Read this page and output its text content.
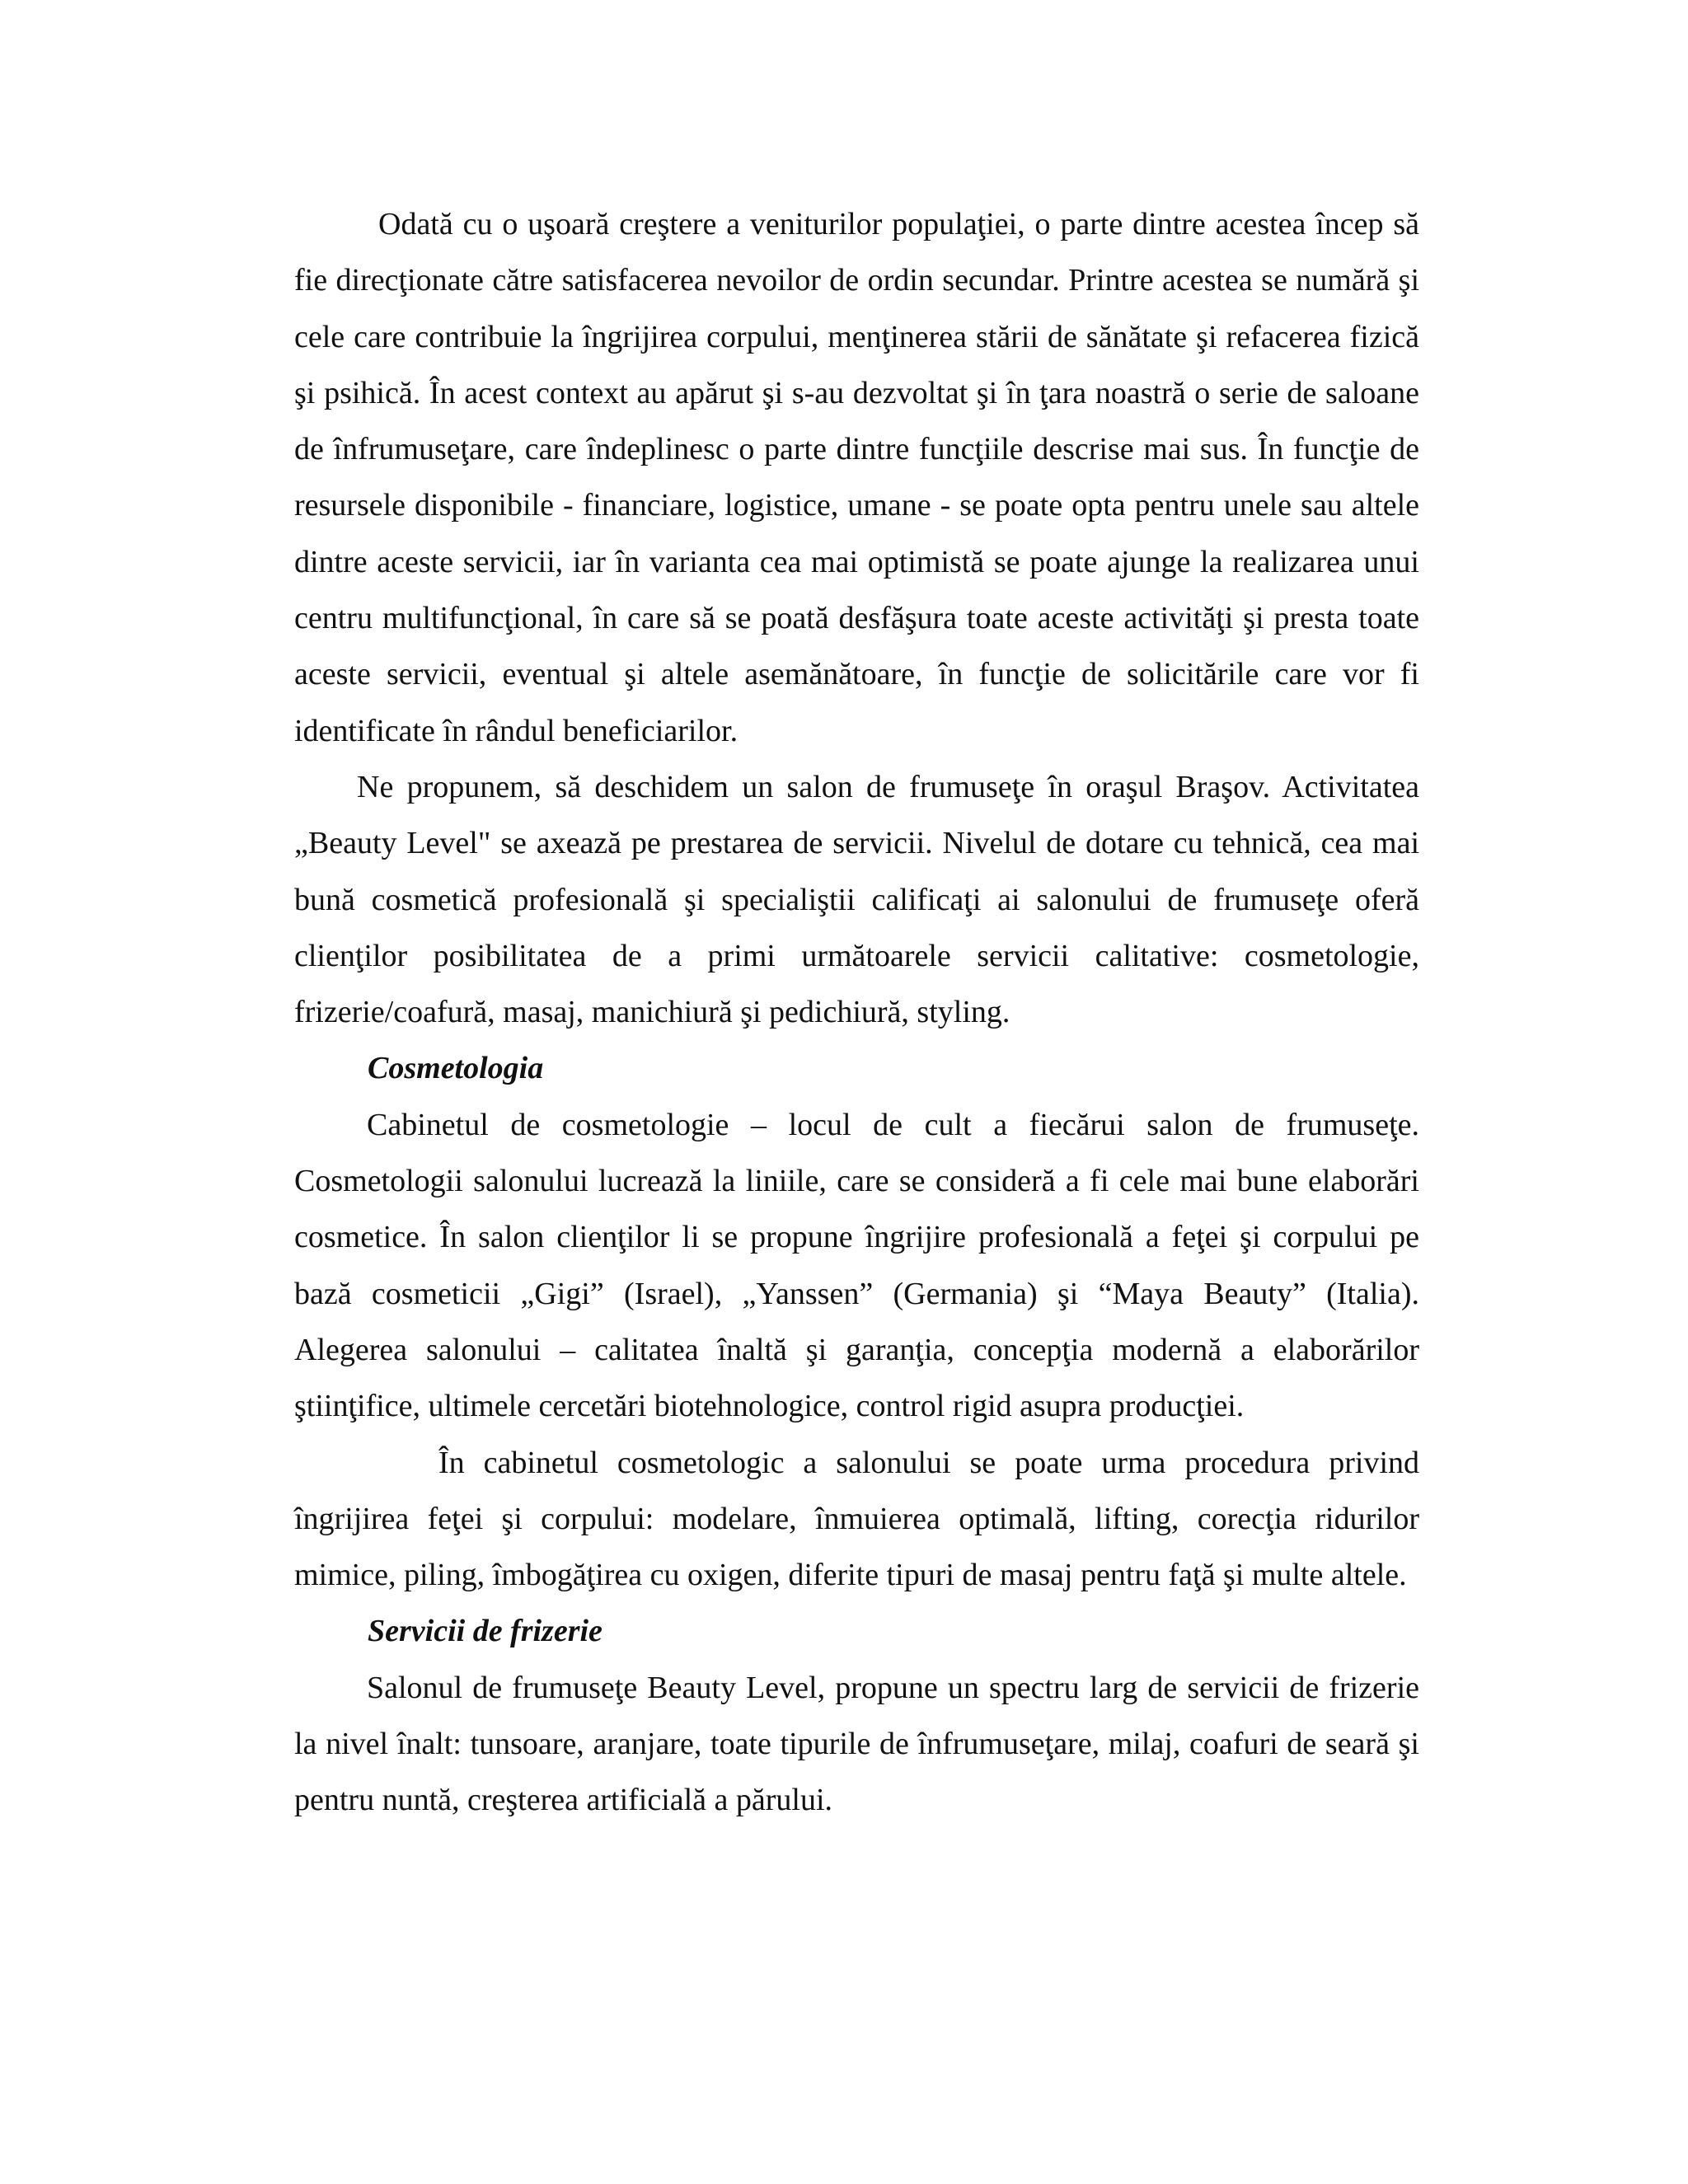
Odată cu o uşoară creştere a veniturilor populaţiei, o parte dintre acestea încep să fie direcţionate către satisfacerea nevoilor de ordin secundar. Printre acestea se numără şi cele care contribuie la îngrijirea corpului, menţinerea stării de sănătate şi refacerea fizică şi psihică. În acest context au apărut şi s-au dezvoltat şi în ţara noastră o serie de saloane de înfrumuseţare, care îndeplinesc o parte dintre funcţiile descrise mai sus. În funcţie de resursele disponibile - financiare, logistice, umane - se poate opta pentru unele sau altele dintre aceste servicii, iar în varianta cea mai optimistă se poate ajunge la realizarea unui centru multifuncţional, în care să se poată desfăşura toate aceste activităţi şi presta toate aceste servicii, eventual şi altele asemănătoare, în funcţie de solicitările care vor fi identificate în rândul beneficiarilor.

Ne propunem, să deschidem un salon de frumuseţe în oraşul Braşov. Activitatea „Beauty Level" se axează pe prestarea de servicii. Nivelul de dotare cu tehnică, cea mai bună cosmetică profesională şi specialiştii calificaţi ai salonului de frumuseţe oferă clienţilor posibilitatea de a primi următoarele servicii calitative: cosmetologie, frizerie/coafură, masaj, manichiură şi pedichiură, styling.

Cosmetologia

Cabinetul de cosmetologie – locul de cult a fiecărui salon de frumuseţe. Cosmetologii salonului lucrează la liniile, care se consideră a fi cele mai bune elaborări cosmetice. În salon clienţilor li se propune îngrijire profesională a feţei şi corpului pe bază cosmeticii „Gigi” (Israel), „Yanssen” (Germania) şi “Maya Beauty” (Italia). Alegerea salonului – calitatea înaltă şi garanţia, concepţia modernă a elaborărilor ştiinţifice, ultimele cercetări biotehnologice, control rigid asupra producţiei.

În cabinetul cosmetologic a salonului se poate urma procedura privind îngrijirea feţei şi corpului: modelare, înmuierea optimală, lifting, corecţia ridurilor mimice, piling, îmbogăţirea cu oxigen, diferite tipuri de masaj pentru faţă şi multe altele.

Servicii de frizerie

Salonul de frumuseţe Beauty Level, propune un spectru larg de servicii de frizerie la nivel înalt: tunsoare, aranjare, toate tipurile de înfrumuseţare, milaj, coafuri de seară şi pentru nuntă, creşterea artificială a părului.
